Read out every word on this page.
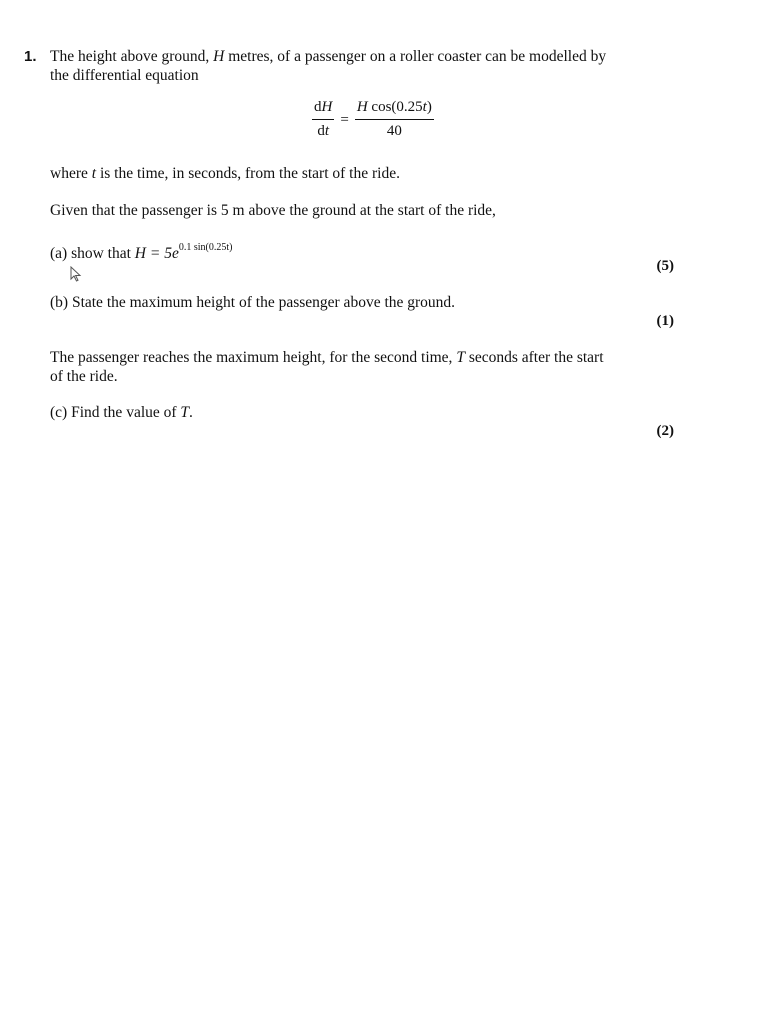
1. The height above ground, H metres, of a passenger on a roller coaster can be modelled by
the differential equation
$\frac{dH}{dt} = \frac{\text{H cos(0.25t)}}{40}$
where t is the time, in seconds, from the start of the ride.
Given that the passenger is 5 m above the ground at the start of the ride,
(a) show that $H = 5e^{0.1 sin(0.25t)}$
(5)
(b) State the maximum height of the passenger above the ground.
(1)
The passenger reaches the maximum height, for the second time, T seconds after the start
of the ride.
(c) Find the value of T.
(2)
